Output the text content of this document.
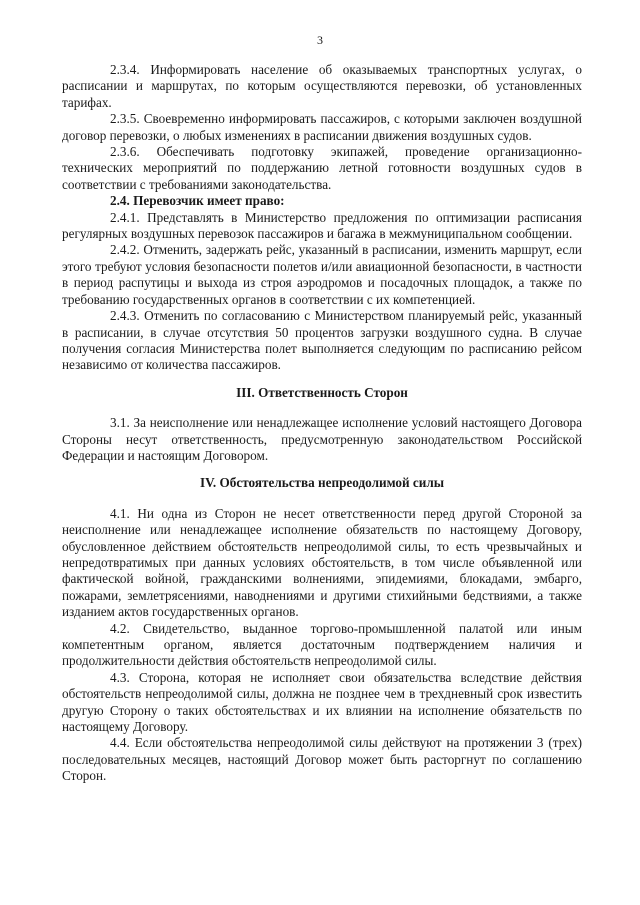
3

2.3.4. Информировать население об оказываемых транспортных услугах, о расписании и маршрутах, по которым осуществляются перевозки, об установленных тарифах.

2.3.5. Своевременно информировать пассажиров, с которыми заключен воздушной договор перевозки, о любых изменениях в расписании движения воздушных судов.

2.3.6. Обеспечивать подготовку экипажей, проведение организационно-технических мероприятий по поддержанию летной готовности воздушных судов в соответствии с требованиями законодательства.

2.4. Перевозчик имеет право:

2.4.1. Представлять в Министерство предложения по оптимизации расписания регулярных воздушных перевозок пассажиров и багажа в межмуниципальном сообщении.

2.4.2. Отменить, задержать рейс, указанный в расписании, изменить маршрут, если этого требуют условия безопасности полетов и/или авиационной безопасности, в частности в период распутицы и выхода из строя аэродромов и посадочных площадок, а также по требованию государственных органов в соответствии с их компетенцией.

2.4.3. Отменить по согласованию с Министерством планируемый рейс, указанный в расписании, в случае отсутствия 50 процентов загрузки воздушного судна. В случае получения согласия Министерства полет выполняется следующим по расписанию рейсом независимо от количества пассажиров.

III. Ответственность Сторон

3.1. За неисполнение или ненадлежащее исполнение условий настоящего Договора Стороны несут ответственность, предусмотренную законодательством Российской Федерации и настоящим Договором.

IV. Обстоятельства непреодолимой силы

4.1. Ни одна из Сторон не несет ответственности перед другой Стороной за неисполнение или ненадлежащее исполнение обязательств по настоящему Договору, обусловленное действием обстоятельств непреодолимой силы, то есть чрезвычайных и непредотвратимых при данных условиях обстоятельств, в том числе объявленной или фактической войной, гражданскими волнениями, эпидемиями, блокадами, эмбарго, пожарами, землетрясениями, наводнениями и другими стихийными бедствиями, а также изданием актов государственных органов.

4.2. Свидетельство, выданное торгово-промышленной палатой или иным компетентным органом, является достаточным подтверждением наличия и продолжительности действия обстоятельств непреодолимой силы.

4.3. Сторона, которая не исполняет свои обязательства вследствие действия обстоятельств непреодолимой силы, должна не позднее чем в трехдневный срок известить другую Сторону о таких обстоятельствах и их влиянии на исполнение обязательств по настоящему Договору.

4.4. Если обстоятельства непреодолимой силы действуют на протяжении 3 (трех) последовательных месяцев, настоящий Договор может быть расторгнут по соглашению Сторон.
